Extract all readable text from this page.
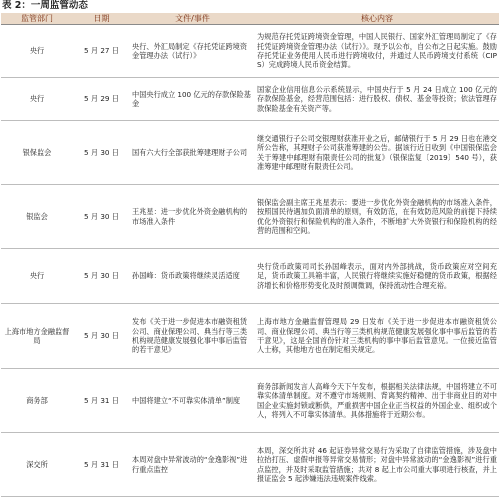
表 2：一周监管动态
监管部门	日期	文件/事件	核心内容
央行	5 月 27 日	央行、外汇局制定《存托凭证跨境资金管理办法（试行）》	为规范存托凭证跨境资金管理，中国人民银行、国家外汇管理局制定了《存托凭证跨境资金管理办法（试行）》。现予以公布，自公布之日起实施。鼓励存托凭证业务使用人民币进行跨境收付，并通过人民币跨境支付系统（CIPS）完成跨境人民币资金结算。
央行	5 月 29 日	中国央行成立 100 亿元的存款保险基金	国家企业信用信息公示系统显示，中国央行于 5 月 24 日成立 100 亿元的存款保险基金，经营范围包括：进行股权、债权、基金等投资；依法管理存款保险基金有关资产等。
银保监会	5 月 30 日	国有六大行全部获批筹建理财子公司	继交通银行子公司交银理财获准开业之后，邮储银行于 5 月 29 日也在港交所公告称，其理财子公司获准筹建的公告。据该行近日收到《中国银保监会关于筹建中邮理财有限责任公司的批复》（银保监复〔2019〕540 号），获准筹建中邮理财有限责任公司。
银监会	5 月 30 日	王兆星：进一步优化外资金融机构的市场准入条件	银保监会副主席王兆星表示：要进一步优化外资金融机构的市场准入条件，按照国民待遇加负面清单的原则，有效防范，在有效防范风险的前提下持续优化外资银行和保险机构的准入条件，不断地扩大外资银行和保险机构的经营的范围和空间。
央行	5 月 30 日	孙国峰：货币政策将继续灵活适度	央行货币政策司司长孙国峰表示，面对内外部挑战，货币政策应对空间充足，货币政策工具箱丰富，人民银行将继续实施好稳健的货币政策，根据经济增长和价格形势变化及时预调微调，保持流动性合理充裕。
上海市地方金融监督局	5 月 30 日	发布《关于进一步促进本市融资租赁公司、商业保理公司、典当行等三类机构规范健康发展强化事中事后监管的若干意见》	上海市地方金融监督管理局 29 日发布《关于进一步促进本市融资租赁公司、商业保理公司、典当行等三类机构规范健康发展强化事中事后监管的若干意见》，这是全国首份针对三类机构的事中事后监管意见。一位接近监管人士称，其他地方也在制定相关规定。
商务部	5 月 31 日	中国将建立“不可靠实体清单”制度	商务部新闻发言人高峰今天下午发布，根据相关法律法规，中国将建立不可靠实体清单制度。对不遵守市场规则、背离契约精神、出于非商业目的对中国企业实施封锁或断供，严重损害中国企业正当权益的外国企业、组织或个人，将列入不可靠实体清单。具体措施将于近期公布。
深交所	5 月 31 日	本周对盘中异常波动的“金逸影视”进行重点监控	本周，深交所共对 46 起证券异常交易行为采取了自律监管措施，涉及盘中拉抬打压、虚假申报等异常交易情形；对盘中异常波动的“金逸影视”进行重点监控，并及时采取监管措施；共对 8 起上市公司重大事项进行核查，并上报证监会 5 起涉嫌违法违规案件线索。
